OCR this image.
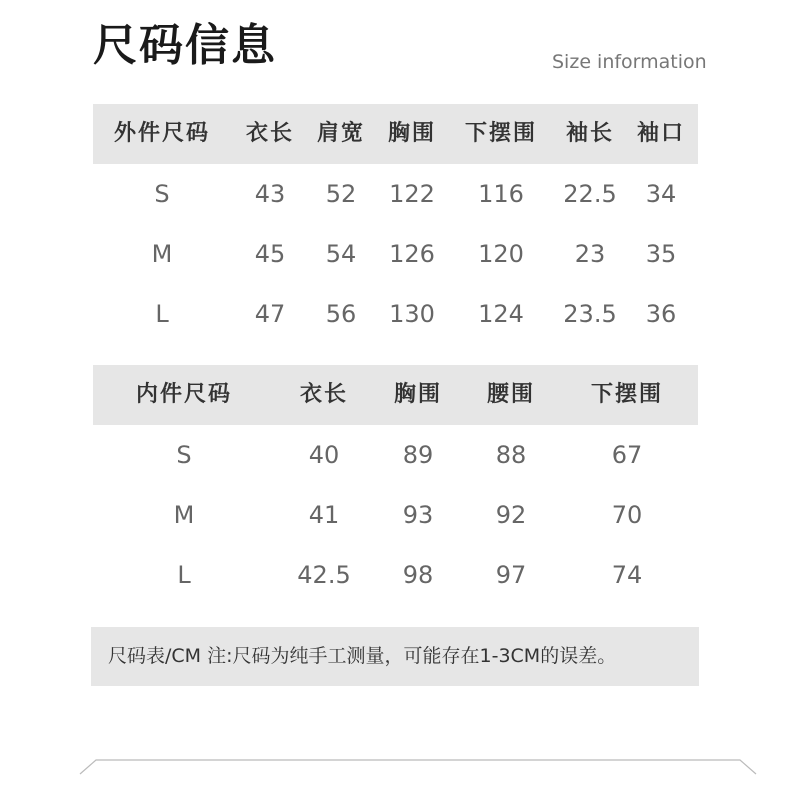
尺码信息	Size information
外件尺码 衣长 肩宽 胸围 下摆围 袖长 袖口
S	43 52 122 116 22.5 34
M	45 54 126 120 23 35
L	47 56 130 124 23.5 36
内件尺码	衣长 胸围 腰围	下摆围
S	40	89	88	67
M	41	93	92	70
L	42.5 98	97	74
尺码表/CM 注:尺码为纯手工测量，可能存在1-3CM的误差。
